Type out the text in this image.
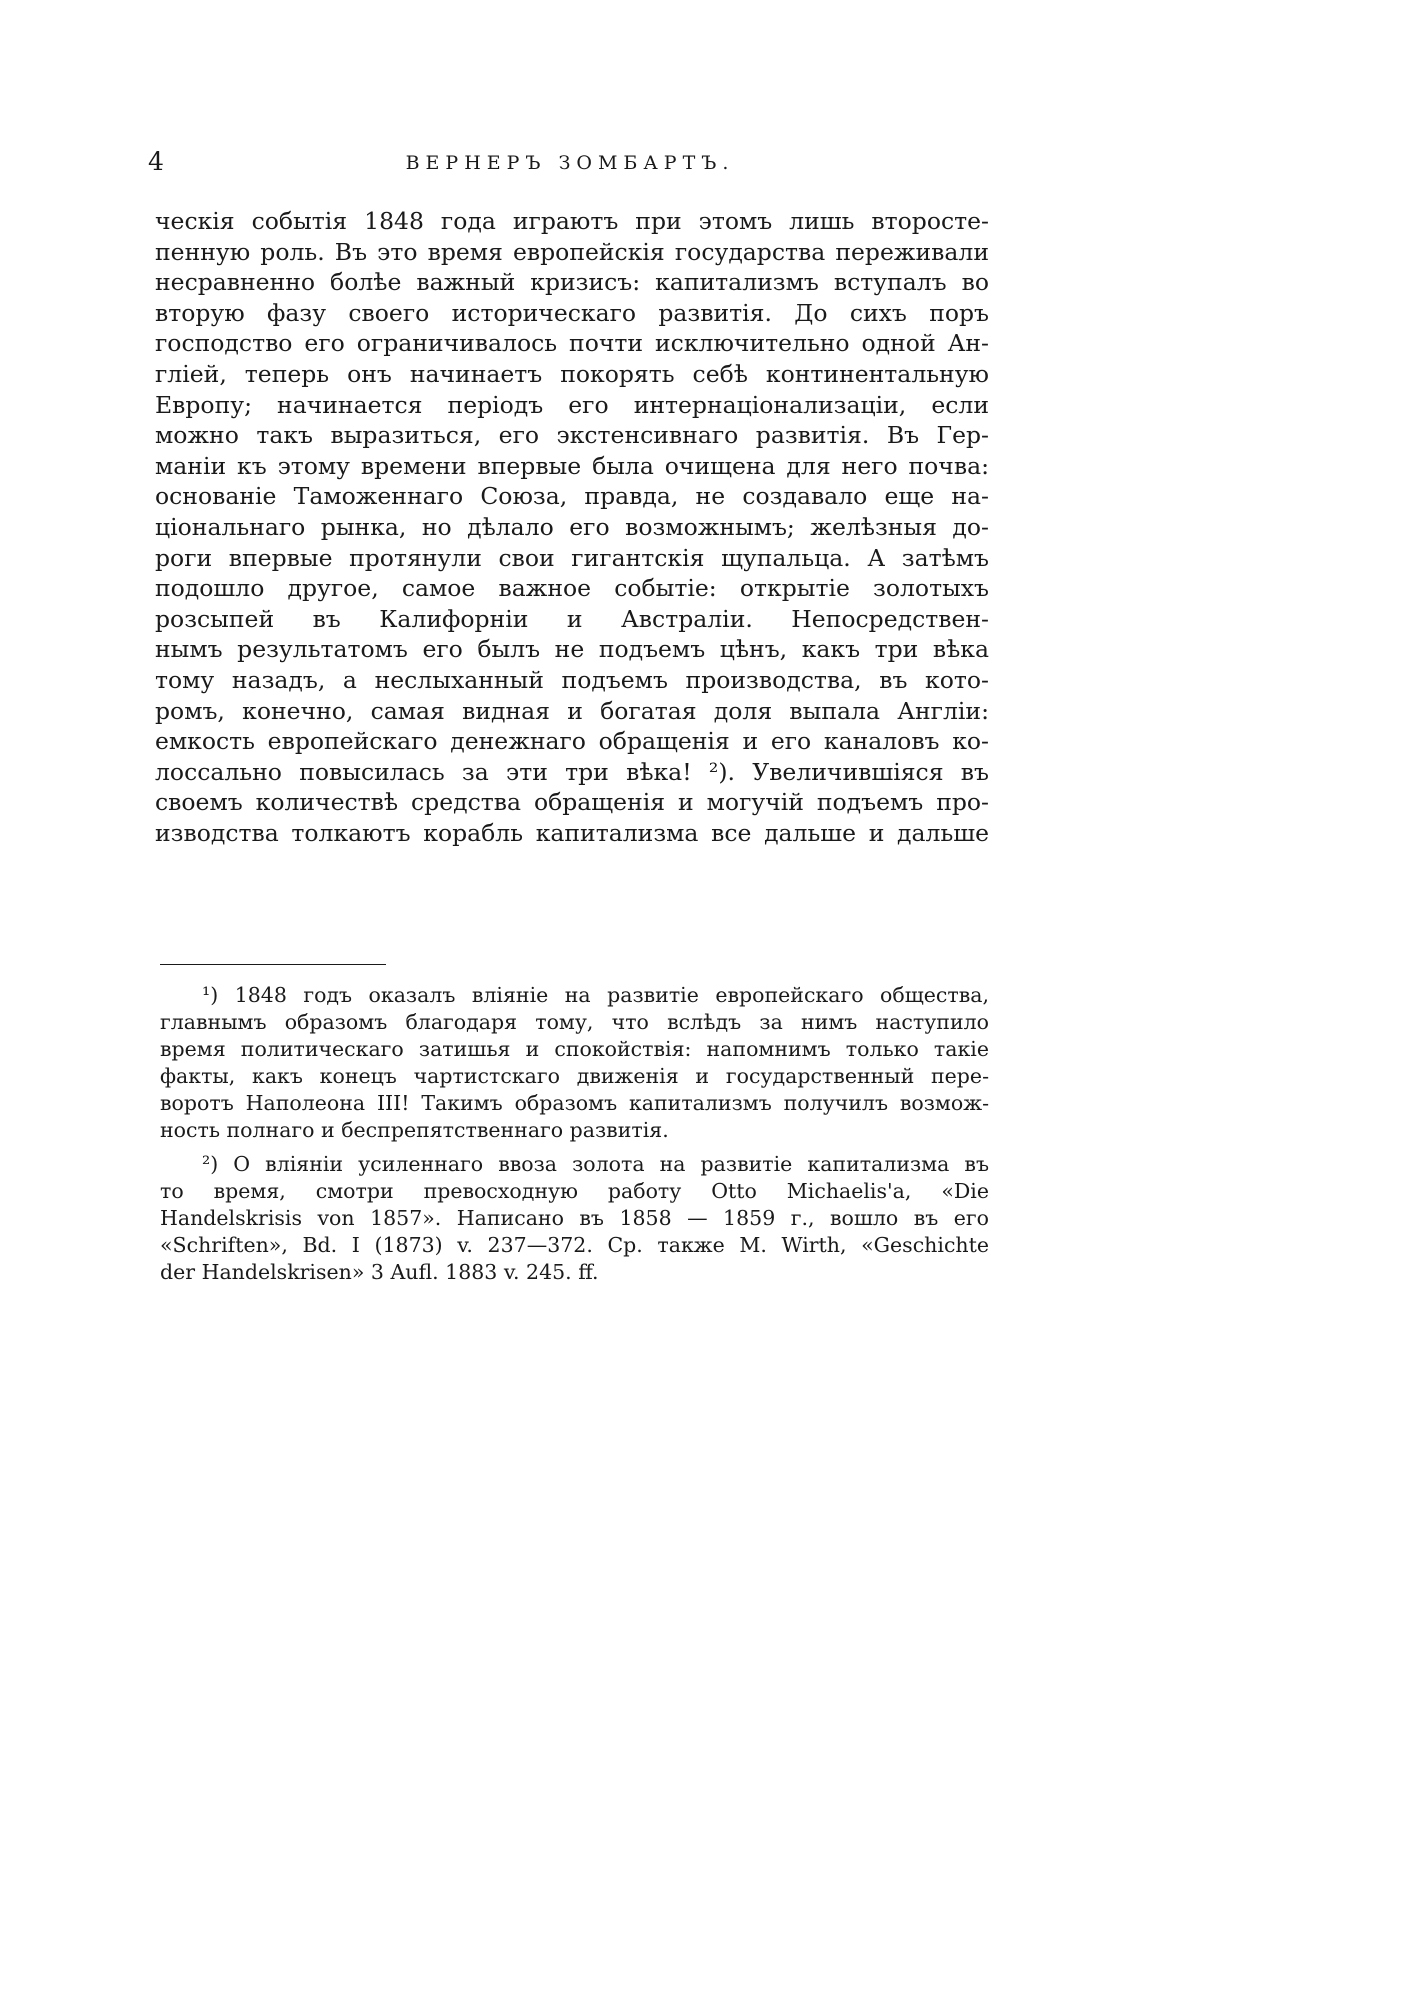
4	ВЕРНЕРЪ ЗОМБАРТЪ.
ческія событія 1848 года играютъ при этомъ лишь второсте-
пенную роль. Въ это время европейскія государства переживали
несравненно болѣе важный кризисъ: капитализмъ вступалъ во
вторую фазу своего историческаго развитія. До сихъ поръ
господство его ограничивалось почти исключительно одной Ан-
гліей, теперь онъ начинаетъ покорять себѣ континентальную
Европу; начинается періодъ его интернаціонализаціи, если
можно такъ выразиться, его экстенсивнаго развитія. Въ Гер-
маніи къ этому времени впервые была очищена для него почва:
основаніе Таможеннаго Союза, правда, не создавало еще на-
ціональнаго рынка, но дѣлало его возможнымъ; желѣзныя до-
роги впервые протянули свои гигантскія щупальца. А затѣмъ
подошло другое, самое важное событіе: открытіе золотыхъ
розсыпей въ Калифорніи и Австраліи. Непосредствен-
нымъ результатомъ его былъ не подъемъ цѣнъ, какъ три вѣка
тому назадъ, а неслыханный подъемъ производства, въ кото-
ромъ, конечно, самая видная и богатая доля выпала Англіи:
емкость европейскаго денежнаго обращенія и его каналовъ ко-
лоссально повысилась за эти три вѣка! ²). Увеличившіяся въ
своемъ количествѣ средства обращенія и могучій подъемъ про-
изводства толкаютъ корабль капитализма все дальше и дальше
¹) 1848 годъ оказалъ вліяніе на развитіе европейскаго общества,
главнымъ образомъ благодаря тому, что вслѣдъ за нимъ наступило
время политическаго затишья и спокойствія: напомнимъ только такіе
факты, какъ конецъ чартистскаго движенія и государственный пере-
воротъ Наполеона III! Такимъ образомъ капитализмъ получилъ возмож-
ность полнаго и беспрепятственнаго развитія.
²) О вліяніи усиленнаго ввоза золота на развитіе капитализма въ
то время, смотри превосходную работу Otto Michaelis'a, «Die
Handelskrisis von 1857». Написано въ 1858 — 1859 г., вошло въ его
«Schriften», Bd. I (1873) v. 237—372. Ср. также M. Wirth, «Geschichte
der Handelskrisen» 3 Aufl. 1883 v. 245. ff.
